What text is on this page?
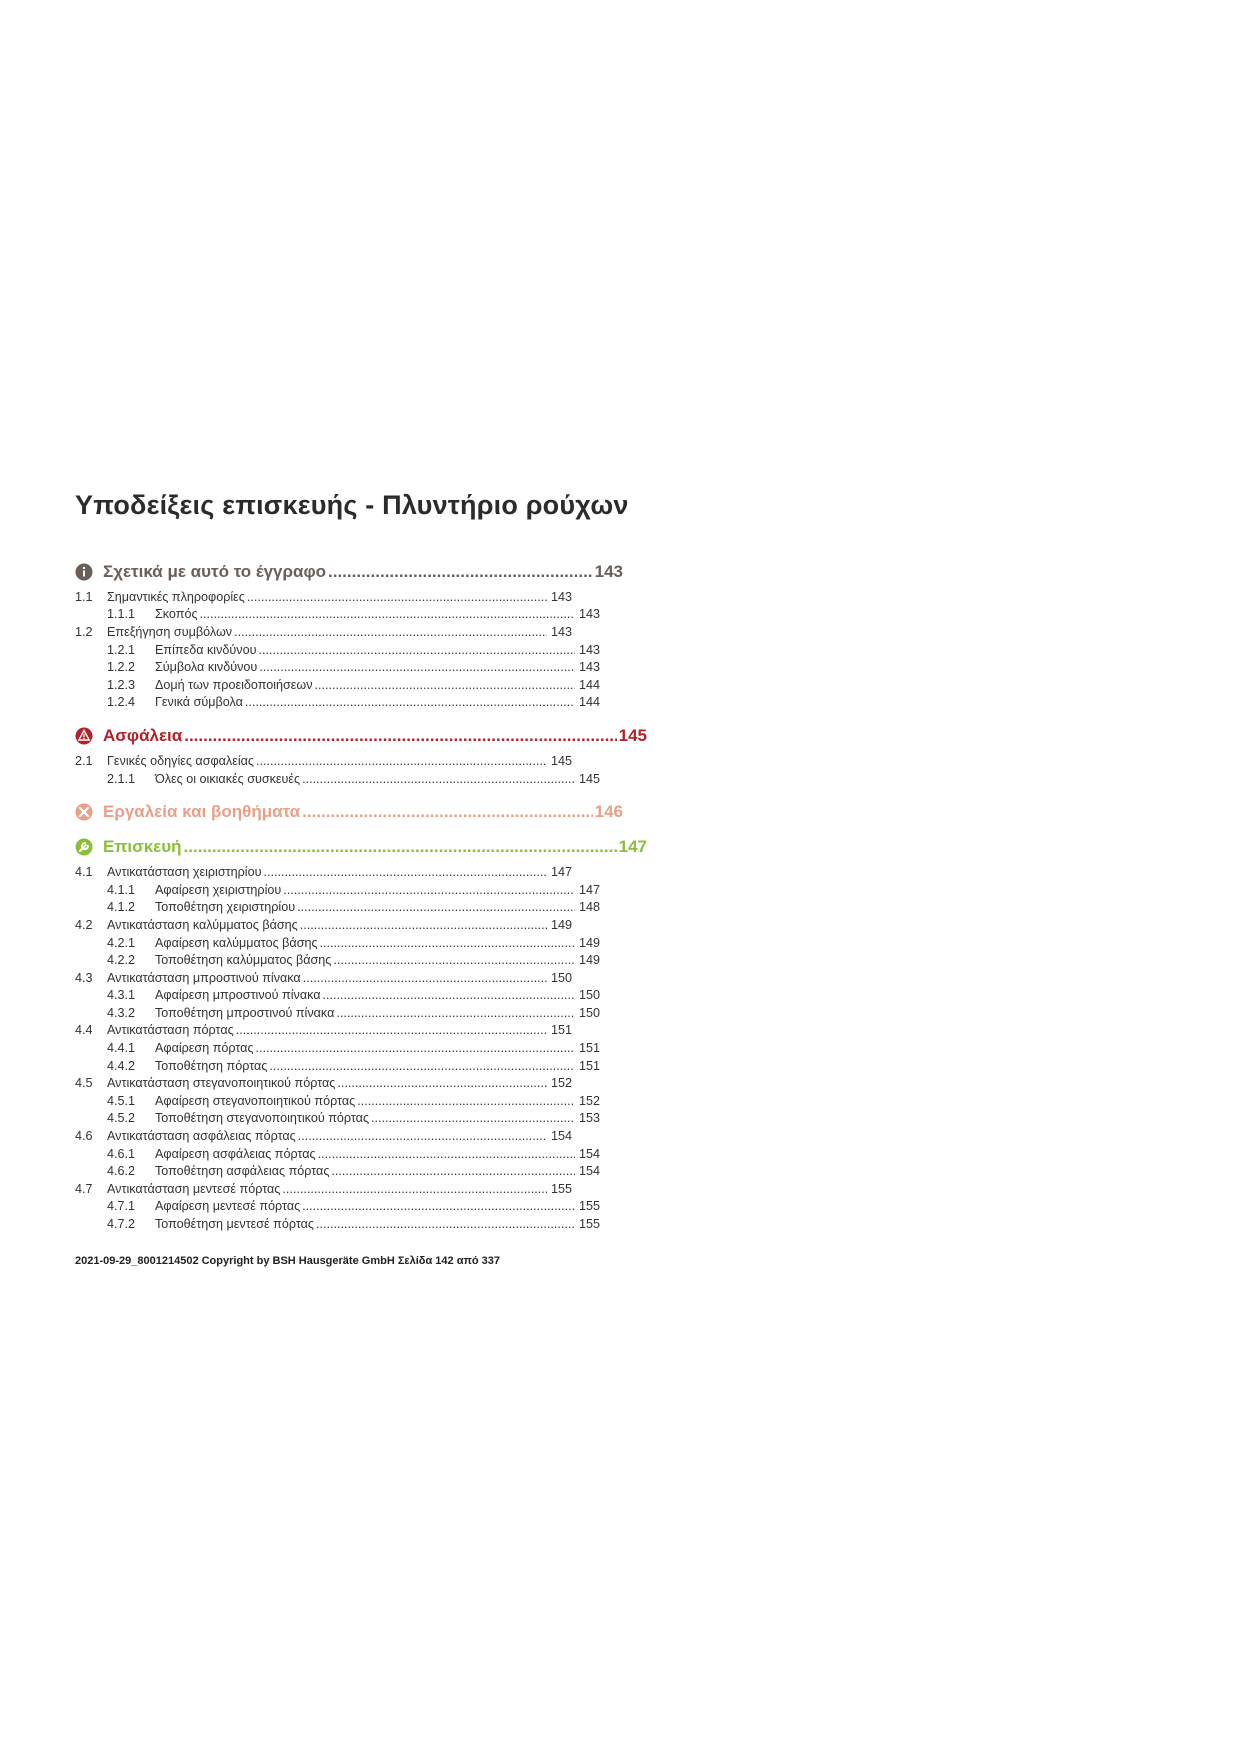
Υποδείξεις επισκευής - Πλυντήριο ρούχων
Σχετικά με αυτό το έγγραφο .....	143
1.1	Σημαντικές πληροφορίες .....	143
1.1.1	Σκοπός .....	143
1.2	Επεξήγηση συμβόλων .....	143
1.2.1	Επίπεδα κινδύνου .....	143
1.2.2	Σύμβολα κινδύνου .....	143
1.2.3	Δομή των προειδοποιήσεων .....	144
1.2.4	Γενικά σύμβολα .....	144
Ασφάλεια .....	145
2.1	Γενικές οδηγίες ασφαλείας .....	145
2.1.1	Όλες οι οικιακές συσκευές .....	145
Εργαλεία και βοηθήματα .....	146
Επισκευή .....	147
4.1	Αντικατάσταση χειριστηρίου .....	147
4.1.1	Αφαίρεση χειριστηρίου .....	147
4.1.2	Τοποθέτηση χειριστηρίου .....	148
4.2	Αντικατάσταση καλύμματος βάσης .....	149
4.2.1	Αφαίρεση καλύμματος βάσης .....	149
4.2.2	Τοποθέτηση καλύμματος βάσης .....	149
4.3	Αντικατάσταση μπροστινού πίνακα .....	150
4.3.1	Αφαίρεση μπροστινού πίνακα .....	150
4.3.2	Τοποθέτηση μπροστινού πίνακα .....	150
4.4	Αντικατάσταση πόρτας .....	151
4.4.1	Αφαίρεση πόρτας .....	151
4.4.2	Τοποθέτηση πόρτας .....	151
4.5	Αντικατάσταση στεγανοποιητικού πόρτας .....	152
4.5.1	Αφαίρεση στεγανοποιητικού πόρτας .....	152
4.5.2	Τοποθέτηση στεγανοποιητικού πόρτας .....	153
4.6	Αντικατάσταση ασφάλειας πόρτας .....	154
4.6.1	Αφαίρεση ασφάλειας πόρτας .....	154
4.6.2	Τοποθέτηση ασφάλειας πόρτας .....	154
4.7	Αντικατάσταση μεντεσέ πόρτας .....	155
4.7.1	Αφαίρεση μεντεσέ πόρτας .....	155
4.7.2	Τοποθέτηση μεντεσέ πόρτας .....	155
2021-09-29_8001214502 Copyright by BSH Hausgeräte GmbH Σελίδα 142 από 337
